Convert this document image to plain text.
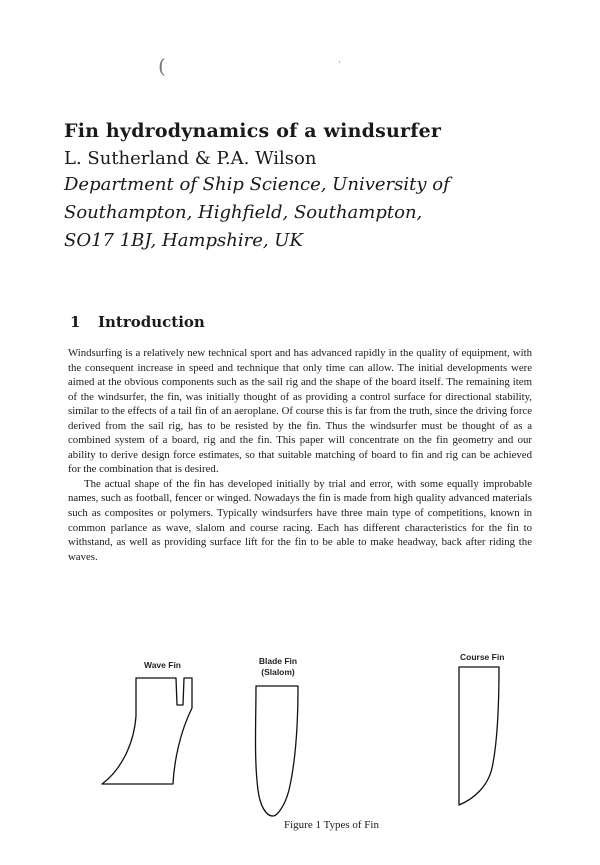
(	·
Fin hydrodynamics of a windsurfer
L. Sutherland & P.A. Wilson
Department of Ship Science, University of
Southampton, Highfield, Southampton,
SO17 1BJ, Hampshire, UK
1 Introduction

Windsurfing is a relatively new technical sport and has advanced rapidly in the quality of equipment, with the consequent increase in speed and technique that only time can allow. The initial developments were aimed at the obvious components such as the sail rig and the shape of the board itself. The remaining item of the windsurfer, the fin, was initially thought of as providing a control surface for directional stability, similar to the effects of a tail fin of an aeroplane. Of course this is far from the truth, since the driving force derived from the sail rig, has to be resisted by the fin. Thus the windsurfer must be thought of as a combined system of a board, rig and the fin. This paper will concentrate on the fin geometry and our ability to derive design force estimates, so that suitable matching of board to fin and rig can be achieved for the combination that is desired.

The actual shape of the fin has developed initially by trial and error, with some equally improbable names, such as football, fencer or winged. Nowadays the fin is made from high quality advanced materials such as composites or polymers. Typically windsurfers have three main type of competitions, known in common parlance as wave, slalom and course racing. Each has different characteristics for the fin to withstand, as well as providing surface lift for the fin to be able to make headway, back after riding the waves.

Wave Fin	Blade Fin
(Slalom)
Course Fin
Figure 1 Types of Fin
